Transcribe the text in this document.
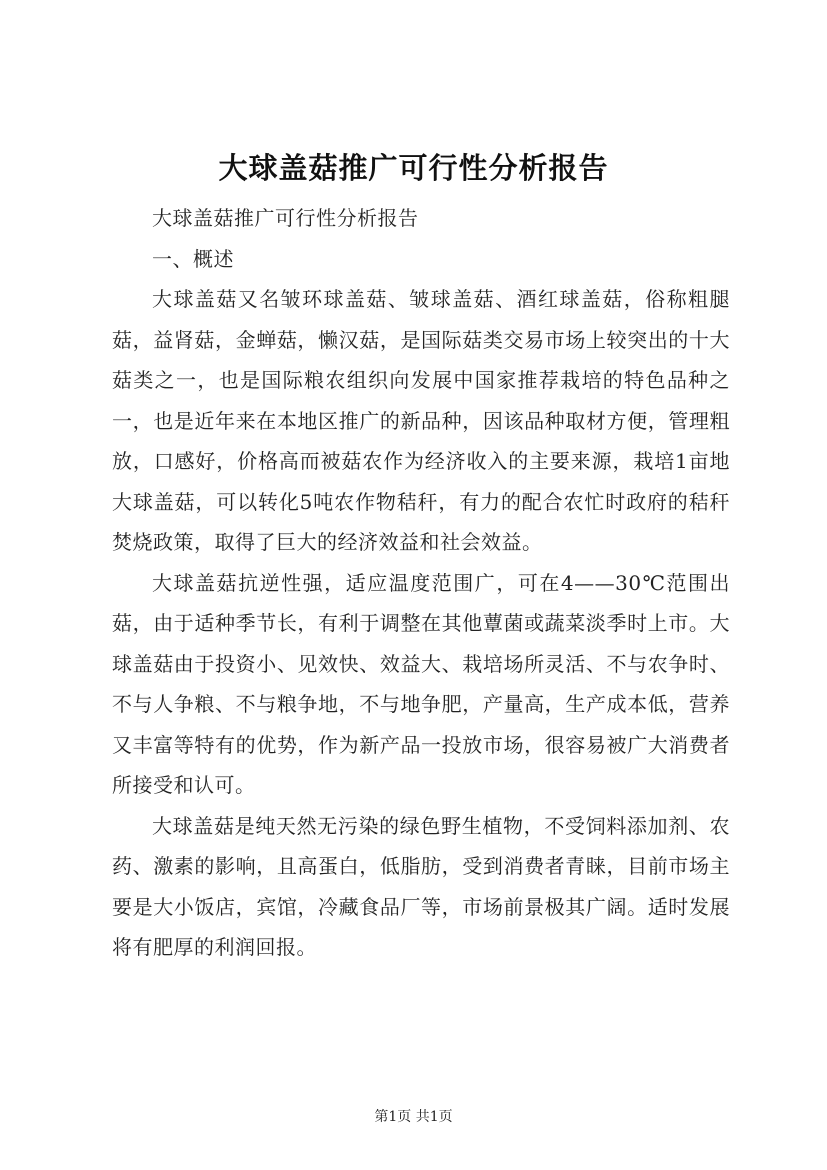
大球盖菇推广可行性分析报告

大球盖菇推广可行性分析报告

一、概述

大球盖菇又名皱环球盖菇、皱球盖菇、酒红球盖菇，俗称粗腿菇，益肾菇，金蝉菇，懒汉菇，是国际菇类交易市场上较突出的十大菇类之一，也是国际粮农组织向发展中国家推荐栽培的特色品种之一，也是近年来在本地区推广的新品种，因该品种取材方便，管理粗放，口感好，价格高而被菇农作为经济收入的主要来源，栽培1亩地大球盖菇，可以转化5吨农作物秸秆，有力的配合农忙时政府的秸秆焚烧政策，取得了巨大的经济效益和社会效益。

大球盖菇抗逆性强，适应温度范围广，可在4——30℃范围出菇，由于适种季节长，有利于调整在其他蕈菌或蔬菜淡季时上市。大球盖菇由于投资小、见效快、效益大、栽培场所灵活、不与农争时、不与人争粮、不与粮争地，不与地争肥，产量高，生产成本低，营养又丰富等特有的优势，作为新产品一投放市场，很容易被广大消费者所接受和认可。

大球盖菇是纯天然无污染的绿色野生植物，不受饲料添加剂、农药、激素的影响，且高蛋白，低脂肪，受到消费者青睐，目前市场主要是大小饭店，宾馆，冷藏食品厂等，市场前景极其广阔。适时发展将有肥厚的利润回报。

第1页 共1页
